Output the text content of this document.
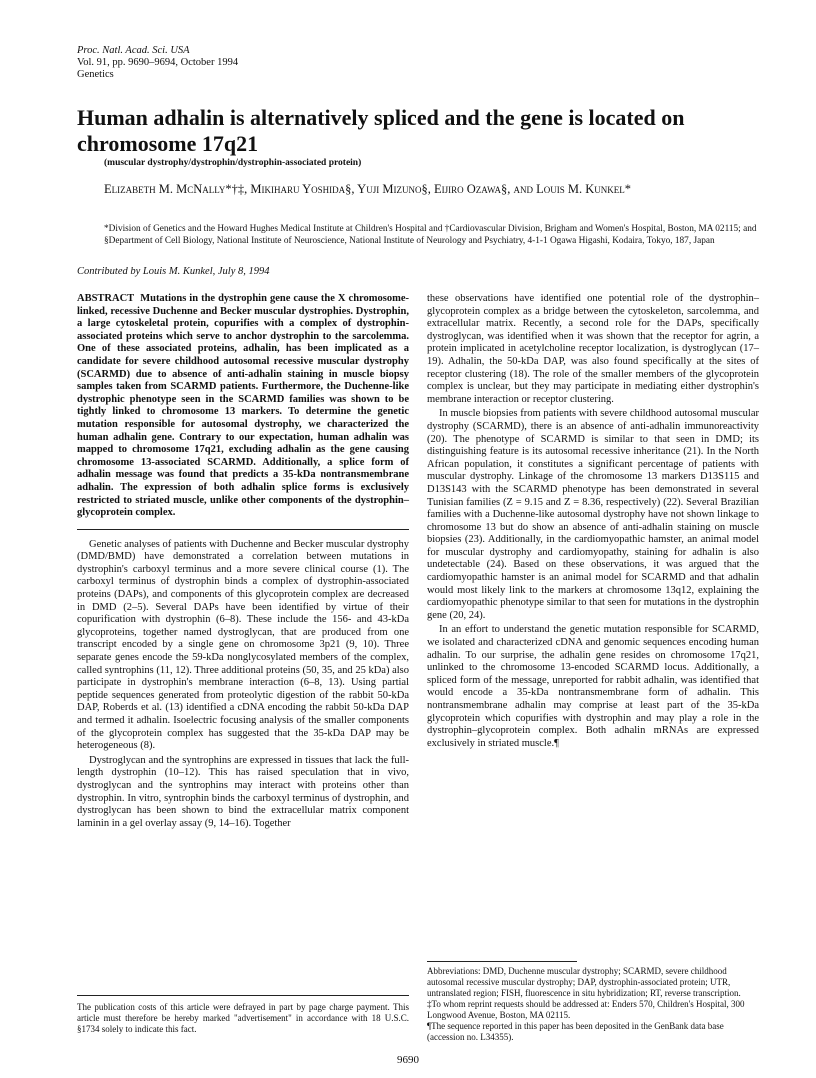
Proc. Natl. Acad. Sci. USA
Vol. 91, pp. 9690–9694, October 1994
Genetics
Human adhalin is alternatively spliced and the gene is located on chromosome 17q21
(muscular dystrophy/dystrophin/dystrophin-associated protein)
Elizabeth M. McNally*†‡, Mikiharu Yoshida§, Yuji Mizuno§, Eijiro Ozawa§, and Louis M. Kunkel*
*Division of Genetics and the Howard Hughes Medical Institute at Children's Hospital and †Cardiovascular Division, Brigham and Women's Hospital, Boston, MA 02115; and §Department of Cell Biology, National Institute of Neuroscience, National Institute of Neurology and Psychiatry, 4-1-1 Ogawa Higashi, Kodaira, Tokyo, 187, Japan
Contributed by Louis M. Kunkel, July 8, 1994

ABSTRACT Mutations in the dystrophin gene cause the X chromosome-linked, recessive Duchenne and Becker muscular dystrophies. Dystrophin, a large cytoskeletal protein, copurifies with a complex of dystrophin-associated proteins which serve to anchor dystrophin to the sarcolemma. One of these associated proteins, adhalin, has been implicated as a candidate for severe childhood autosomal recessive muscular dystrophy (SCARMD) due to absence of anti-adhalin staining in muscle biopsy samples taken from SCARMD patients. Furthermore, the Duchenne-like dystrophic phenotype seen in the SCARMD families was shown to be tightly linked to chromosome 13 markers. To determine the genetic mutation responsible for autosomal dystrophy, we characterized the human adhalin gene. Contrary to our expectation, human adhalin was mapped to chromosome 17q21, excluding adhalin as the gene causing chromosome 13-associated SCARMD. Additionally, a splice form of adhalin message was found that predicts a 35-kDa nontransmembrane adhalin. The expression of both adhalin splice forms is exclusively restricted to striated muscle, unlike other components of the dystrophin–glycoprotein complex.

Genetic analyses of patients with Duchenne and Becker muscular dystrophy (DMD/BMD) have demonstrated a correlation between mutations in dystrophin's carboxyl terminus and a more severe clinical course (1). The carboxyl terminus of dystrophin binds a complex of dystrophin-associated proteins (DAPs), and components of this glycoprotein complex are decreased in DMD (2–5). Several DAPs have been identified by virtue of their copurification with dystrophin (6–8). These include the 156- and 43-kDa glycoproteins, together named dystroglycan, that are produced from one transcript encoded by a single gene on chromosome 3p21 (9, 10). Three separate genes encode the 59-kDa nonglycosylated members of the complex, called syntrophins (11, 12). Three additional proteins (50, 35, and 25 kDa) also participate in dystrophin's membrane interaction (6–8, 13). Using partial peptide sequences generated from proteolytic digestion of the rabbit 50-kDa DAP, Roberds et al. (13) identified a cDNA encoding the rabbit 50-kDa DAP and termed it adhalin. Isoelectric focusing analysis of the smaller components of the glycoprotein complex has suggested that the 35-kDa DAP may be heterogeneous (8).

Dystroglycan and the syntrophins are expressed in tissues that lack the full-length dystrophin (10–12). This has raised speculation that in vivo, dystroglycan and the syntrophins may interact with proteins other than dystrophin. In vitro, syntrophin binds the carboxyl terminus of dystrophin, and dystroglycan has been shown to bind the extracellular matrix component laminin in a gel overlay assay (9, 14–16). Together

these observations have identified one potential role of the dystrophin–glycoprotein complex as a bridge between the cytoskeleton, sarcolemma, and extracellular matrix. Recently, a second role for the DAPs, specifically dystroglycan, was identified when it was shown that the receptor for agrin, a protein implicated in acetylcholine receptor localization, is dystroglycan (17–19). Adhalin, the 50-kDa DAP, was also found specifically at the sites of receptor clustering (18). The role of the smaller members of the glycoprotein complex is unclear, but they may participate in mediating either dystrophin's membrane interaction or receptor clustering.

In muscle biopsies from patients with severe childhood autosomal muscular dystrophy (SCARMD), there is an absence of anti-adhalin immunoreactivity (20). The phenotype of SCARMD is similar to that seen in DMD; its distinguishing feature is its autosomal recessive inheritance (21). In the North African population, it constitutes a significant percentage of patients with muscular dystrophy. Linkage of the chromosome 13 markers D13S115 and D13S143 with the SCARMD phenotype has been demonstrated in several Tunisian families (Z = 9.15 and Z = 8.36, respectively) (22). Several Brazilian families with a Duchenne-like autosomal dystrophy have not shown linkage to chromosome 13 but do show an absence of anti-adhalin staining on muscle biopsies (23). Additionally, in the cardiomyopathic hamster, an animal model for muscular dystrophy and cardiomyopathy, staining for adhalin is also undetectable (24). Based on these observations, it was argued that the cardiomyopathic hamster is an animal model for SCARMD and that adhalin would most likely link to the markers at chromosome 13q12, explaining the cardiomyopathic phenotype similar to that seen for mutations in the dystrophin gene (20, 24).

In an effort to understand the genetic mutation responsible for SCARMD, we isolated and characterized cDNA and genomic sequences encoding human adhalin. To our surprise, the adhalin gene resides on chromosome 17q21, unlinked to the chromosome 13-encoded SCARMD locus. Additionally, a spliced form of the message, unreported for rabbit adhalin, was identified that would encode a 35-kDa nontransmembrane form of adhalin. This nontransmembrane adhalin may comprise at least part of the 35-kDa glycoprotein which copurifies with dystrophin and may play a role in the dystrophin–glycoprotein complex. Both adhalin mRNAs are expressed exclusively in striated muscle.¶

The publication costs of this article were defrayed in part by page charge payment. This article must therefore be hereby marked "advertisement" in accordance with 18 U.S.C. §1734 solely to indicate this fact.

Abbreviations: DMD, Duchenne muscular dystrophy; SCARMD, severe childhood autosomal recessive muscular dystrophy; DAP, dystrophin-associated protein; UTR, untranslated region; FISH, fluorescence in situ hybridization; RT, reverse transcription.

‡To whom reprint requests should be addressed at: Enders 570, Children's Hospital, 300 Longwood Avenue, Boston, MA 02115.

¶The sequence reported in this paper has been deposited in the GenBank data base (accession no. L34355).

9690
